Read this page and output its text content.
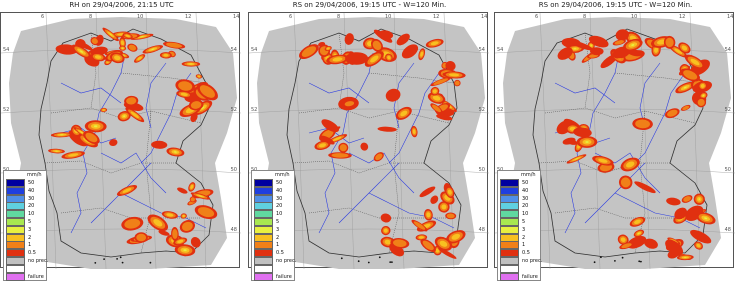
RH on 29/04/2006, 21:15 UTC
6	8	10	12	14
54
52
50
48
54
52
mm/h
50
40
30
20
10
5
3
2
1
0.5
no prec.
failure
RS on 29/04/2006, 19:15 UTC - W=120 Min.
6	8	10	12	14
54
52
50
48
54
52
mm/h
50
40
30
20
10
5
3
2
1
0.5
no prec.
failure
RS on 29/04/2006, 19:15 UTC - W=120 Min.
6	8	10	12	14
54
52
50
48
54
52
mm/h
50
40
30
20
10
5
3
2
1
0.5
no prec.
failure
